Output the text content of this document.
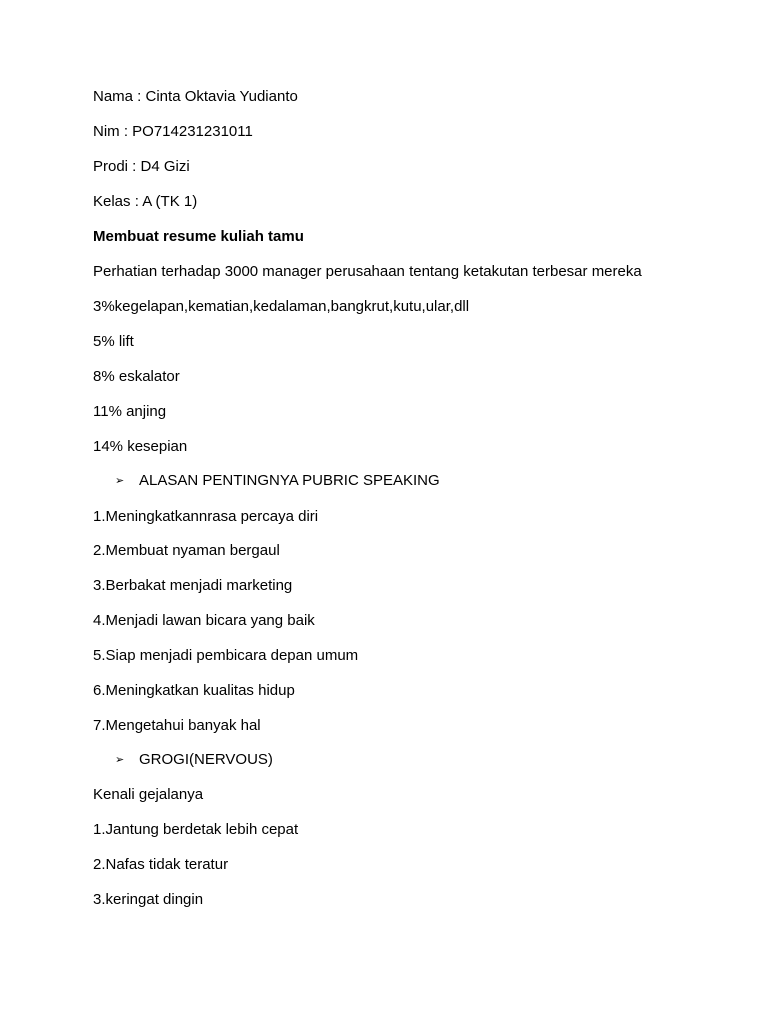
Nama : Cinta Oktavia Yudianto
Nim : PO714231231011
Prodi : D4 Gizi
Kelas : A (TK 1)
Membuat resume kuliah tamu
Perhatian terhadap 3000 manager perusahaan tentang ketakutan terbesar mereka
3%kegelapan,kematian,kedalaman,bangkrut,kutu,ular,dll
5% lift
8% eskalator
11% anjing
14% kesepian
➢ ALASAN PENTINGNYA PUBRIC SPEAKING
1.Meningkatkannrasa percaya diri
2.Membuat nyaman bergaul
3.Berbakat menjadi marketing
4.Menjadi lawan bicara yang baik
5.Siap menjadi pembicara depan umum
6.Meningkatkan kualitas hidup
7.Mengetahui banyak hal
➢ GROGI(NERVOUS)
Kenali gejalanya
1.Jantung berdetak lebih cepat
2.Nafas tidak teratur
3.keringat dingin
